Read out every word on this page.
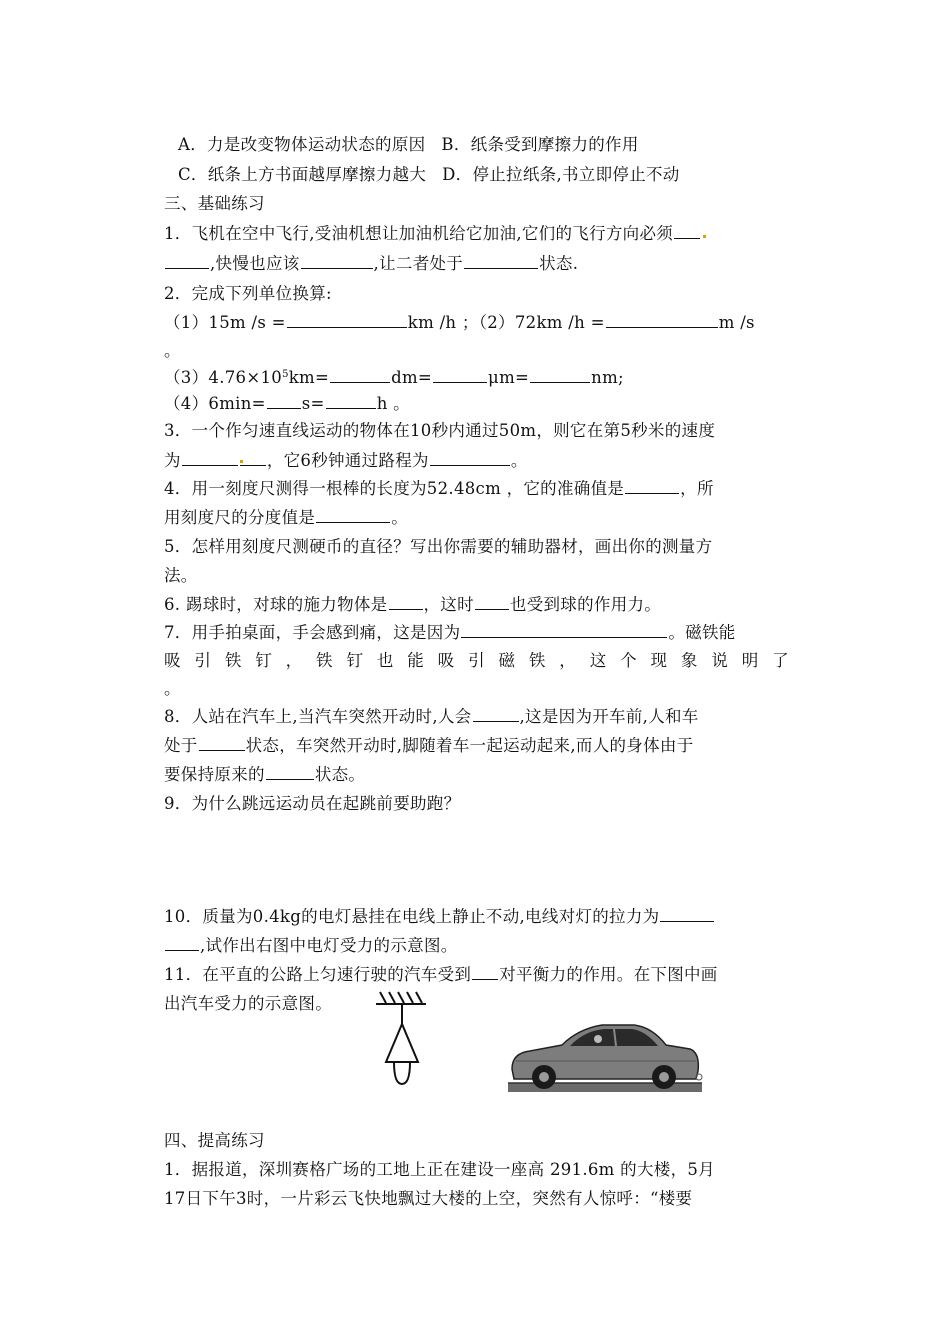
A．力是改变物体运动状态的原因 B．纸条受到摩擦力的作用
C．纸条上方书面越厚摩擦力越大 D．停止拉纸条,书立即停止不动
三、基础练习
1．飞机在空中飞行,受油机想让加油机给它加油,它们的飞行方向必须
,快慢也应该	,让二者处于	状态.
2．完成下列单位换算:
（1）15m /s =	km /h ；（2）72km /h =	m /s
。
$(3)4.76\times 10^5km=$	dm=	μm=	nm;
（4）6min= s=	h 。
3．一个作匀速直线运动的物体在10秒内通过50m，则它在第5秒米的速度
为	，它6秒钟通过路程为	。
4．用一刻度尺测得一根棒的长度为52.48cm ，它的准确值是	，所
用刻度尺的分度值是	。
5．怎样用刻度尺测硬币的直径？写出你需要的辅助器材，画出你的测量方
法。
6. 踢球时，对球的施力物体是 ，这时 也受到球的作用力。
7．用手拍桌面，手会感到痛，这是因为	。磁铁能
吸 引 铁 钉 ， 铁 钉 也 能 吸 引 磁 铁 ， 这 个 现 象 说 明 了
。
8．人站在汽车上,当汽车突然开动时,人会	,这是因为开车前,人和车
处于	状态，车突然开动时,脚随着车一起运动起来,而人的身体由于
要保持原来的	状态。
9．为什么跳远运动员在起跳前要助跑？
10．质量为0.4kg的电灯悬挂在电线上静止不动,电线对灯的拉力为
,试作出右图中电灯受力的示意图。
11．在平直的公路上匀速行驶的汽车受到 对平衡力的作用。在下图中画
出汽车受力的示意图。
四、提高练习
1．据报道，深圳赛格广场的工地上正在建设一座高 291.6m 的大楼，5月
17日下午3时，一片彩云飞快地飘过大楼的上空，突然有人惊呼：“楼要
